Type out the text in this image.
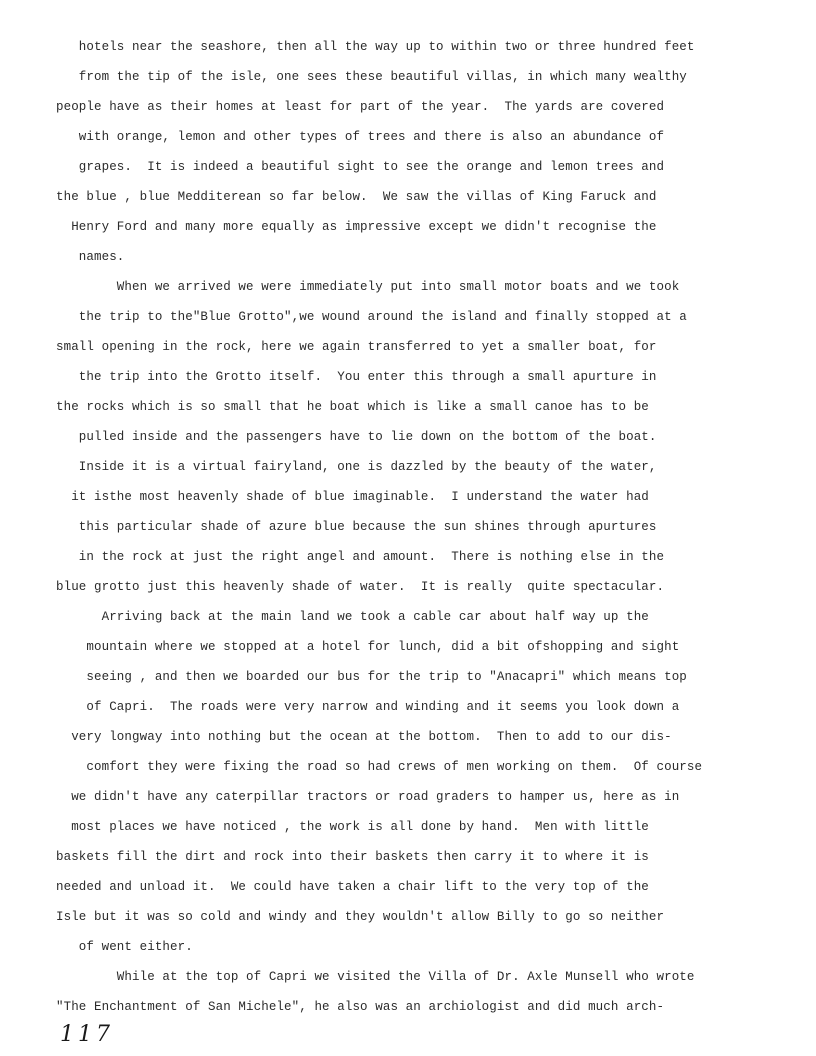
hotels near the seashore, then all the way up to within two or three hundred feet
from the tip of the isle, one sees these beautiful villas, in which many wealthy
people have as their homes at least for part of the year.  The yards are covered
with orange, lemon and other types of trees and there is also an abundance of
grapes.  It is indeed a beautiful sight to see the orange and lemon trees and
the blue , blue Medditerean so far below.  We saw the villas of King Faruck and
Henry Ford and many more equally as impressive except we didn't recognise the
names.
When we arrived we were immediately put into small motor boats and we took
the trip to the"Blue Grotto",we wound around the island and finally stopped at a
small opening in the rock, here we again transferred to yet a smaller boat, for
the trip into the Grotto itself.  You enter this through a small apurture in
the rocks which is so small that he boat which is like a small canoe has to be
pulled inside and the passengers have to lie down on the bottom of the boat.
Inside it is a virtual fairyland, one is dazzled by the beauty of the water,
it isthe most heavenly shade of blue imaginable.  I understand the water had
this particular shade of azure blue because the sun shines through apurtures
in the rock at just the right angel and amount.  There is nothing else in the
blue grotto just this heavenly shade of water.  It is really  quite spectacular.
Arriving back at the main land we took a cable car about half way up the
mountain where we stopped at a hotel for lunch, did a bit ofshopping and sight
seeing , and then we boarded our bus for the trip to "Anacapri" which means top
of Capri.  The roads were very narrow and winding and it seems you look down a
very longway into nothing but the ocean at the bottom.  Then to add to our dis-
comfort they were fixing the road so had crews of men working on them.  Of course
we didn't have any caterpillar tractors or road graders to hamper us, here as in
most places we have noticed , the work is all done by hand.  Men with little
baskets fill the dirt and rock into their baskets then carry it to where it is
needed and unload it.  We could have taken a chair lift to the very top of the
Isle but it was so cold and windy and they wouldn't allow Billy to go so neither
of went either.
While at the top of Capri we visited the Villa of Dr. Axle Munsell who wrote
"The Enchantment of San Michele", he also was an archiologist and did much arch-
117
